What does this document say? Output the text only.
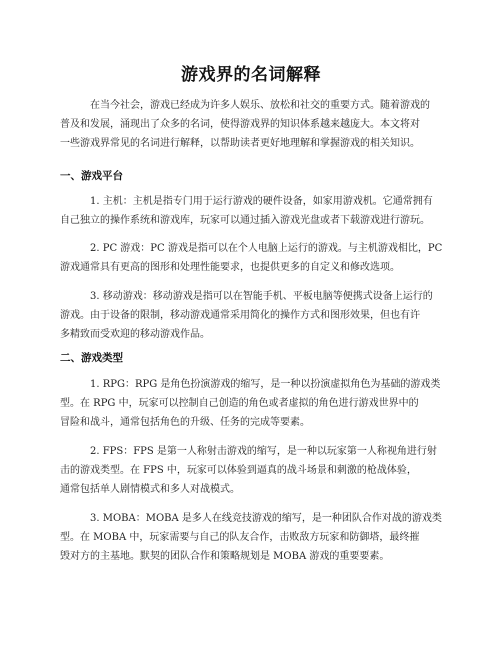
游戏界的名词解释
在当今社会，游戏已经成为许多人娱乐、放松和社交的重要方式。随着游戏的
普及和发展，涌现出了众多的名词，使得游戏界的知识体系越来越庞大。本文将对
一些游戏界常见的名词进行解释，以帮助读者更好地理解和掌握游戏的相关知识。
一、游戏平台
1. 主机：主机是指专门用于运行游戏的硬件设备，如家用游戏机。它通常拥有
自己独立的操作系统和游戏库，玩家可以通过插入游戏光盘或者下载游戏进行游玩。
2. PC 游戏：PC 游戏是指可以在个人电脑上运行的游戏。与主机游戏相比，PC
游戏通常具有更高的图形和处理性能要求，也提供更多的自定义和修改选项。
3. 移动游戏：移动游戏是指可以在智能手机、平板电脑等便携式设备上运行的
游戏。由于设备的限制，移动游戏通常采用简化的操作方式和图形效果，但也有许
多精致而受欢迎的移动游戏作品。
二、游戏类型
1. RPG：RPG 是角色扮演游戏的缩写，是一种以扮演虚拟角色为基础的游戏类
型。在 RPG 中，玩家可以控制自己创造的角色或者虚拟的角色进行游戏世界中的
冒险和战斗，通常包括角色的升级、任务的完成等要素。
2. FPS：FPS 是第一人称射击游戏的缩写，是一种以玩家第一人称视角进行射
击的游戏类型。在 FPS 中，玩家可以体验到逼真的战斗场景和刺激的枪战体验，
通常包括单人剧情模式和多人对战模式。
3. MOBA：MOBA 是多人在线竞技游戏的缩写，是一种团队合作对战的游戏类
型。在 MOBA 中，玩家需要与自己的队友合作，击败敌方玩家和防御塔，最终摧
毁对方的主基地。默契的团队合作和策略规划是 MOBA 游戏的重要要素。
